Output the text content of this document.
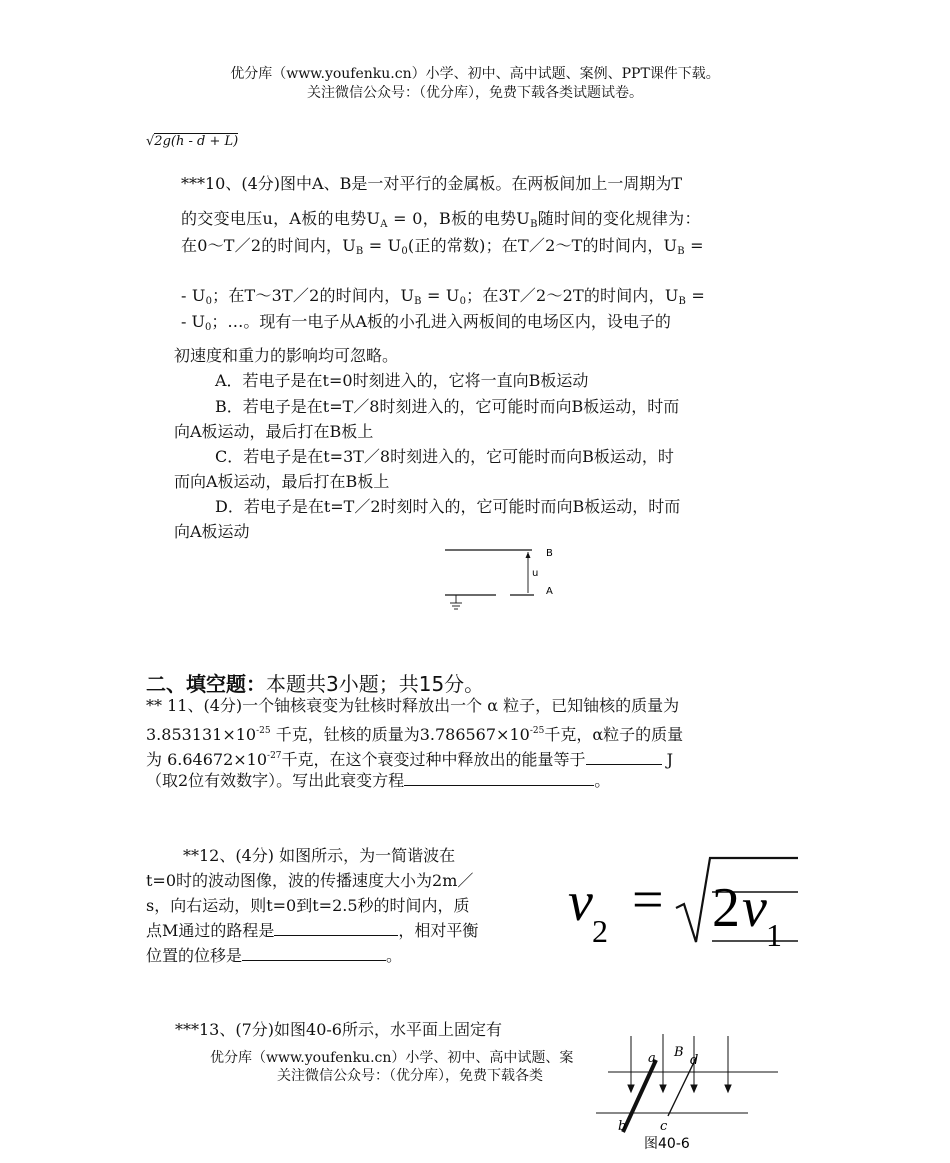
优分库（www.youfenku.cn）小学、初中、高中试题、案例、PPT课件下载。
关注微信公众号：（优分库），免费下载各类试题试卷。
√2g(h - d + L)
***10、(4分)图中A、B是一对平行的金属板。在两板间加上一周期为T
的交变电压u，A板的电势$U_A = 0$，B板的电势$U_B$随时间的变化规律为：
在0～T／2的时间内，$U_B = U_0$(正的常数)；在T／2～T的时间内，$U_B$ =
- $U_0$；在T～3T／2的时间内，$U_B = U_0$；在3T／2～2T的时间内，$U_B$ =
- $U_0$；…。现有一电子从A板的小孔进入两板间的电场区内，设电子的
初速度和重力的影响均可忽略。
A．若电子是在t=0时刻进入的，它将一直向B板运动
B．若电子是在t=T／8时刻进入的，它可能时而向B板运动，时而
向A板运动，最后打在B板上
C．若电子是在t=3T／8时刻进入的，它可能时而向B板运动，时
而向A板运动，最后打在B板上
D．若电子是在t=T／2时刻时入的，它可能时而向B板运动，时而
向A板运动
B
u
A
二、填空题：本题共3小题；共15分。
** 11、(4分)一个铀核衰变为钍核时释放出一个 α 粒子，已知铀核的质量为
$3.853131\times 10^{-25}$ 千克，钍核的质量为$3.786567\times 10^{-25}$千克，α粒子的质量
为 $6.64672\times 10^{-27}$千克，在这个衰变过种中释放出的能量等于	J
（取2位有效数字）。写出此衰变方程	。
**12、(4分) 如图所示，为一简谐波在
t=0时的波动图像，波的传播速度大小为2m／
s，向右运动，则t=0到t=2.5秒的时间内，质
点M通过的路程是	，相对平衡
位置的位移是	。
v 2 = 2 v 1
***13、(7分)如图40-6所示，水平面上固定有
优分库（www.youfenku.cn）小学、初中、高中试题、案
关注微信公众号：（优分库），免费下载各类
a B
d
b	c
图40-6
